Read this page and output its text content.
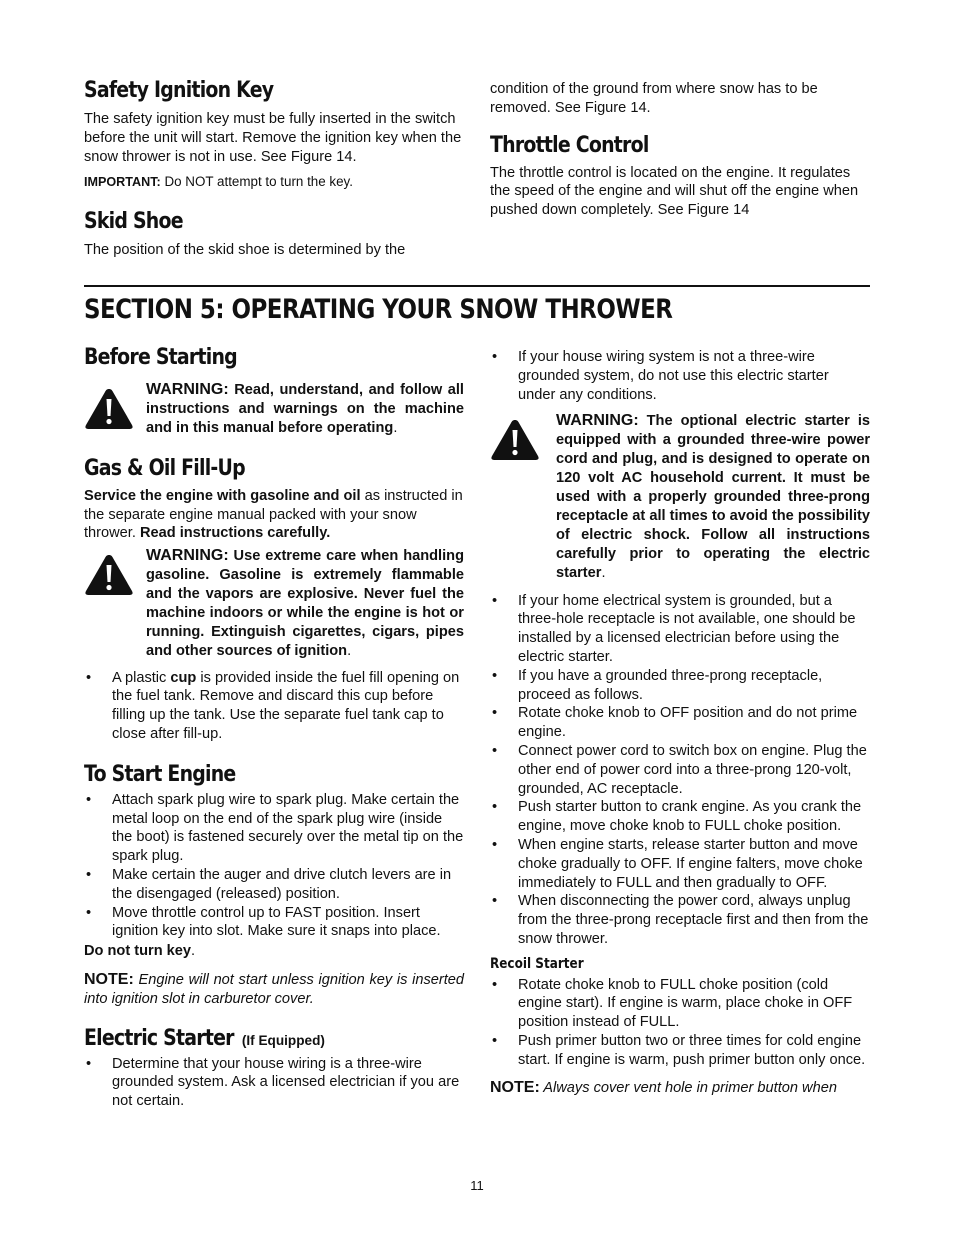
Safety Ignition Key

The safety ignition key must be fully inserted in the switch before the unit will start. Remove the ignition key when the snow thrower is not in use. See Figure 14.

IMPORTANT: Do NOT attempt to turn the key.

Skid Shoe

The position of the skid shoe is determined by the

condition of the ground from where snow has to be removed. See Figure 14.

Throttle Control

The throttle control is located on the engine. It regulates the speed of the engine and will shut off the engine when pushed down completely. See Figure 14

SECTION 5: OPERATING YOUR SNOW THROWER
Before Starting
WARNING: Read, understand, and follow all instructions and warnings on the machine and in this manual before operating.
Gas & Oil Fill-Up

Service the engine with gasoline and oil as instructed in the separate engine manual packed with your snow thrower. Read instructions carefully.

WARNING: Use extreme care when handling gasoline. Gasoline is extremely flammable and the vapors are explosive. Never fuel the machine indoors or while the engine is hot or running. Extinguish cigarettes, cigars, pipes and other sources of ignition.
• A plastic cup is provided inside the fuel fill opening on the fuel tank. Remove and discard this cup before filling up the tank. Use the separate fuel tank cap to close after fill-up.
To Start Engine
• Attach spark plug wire to spark plug. Make certain the metal loop on the end of the spark plug wire (inside the boot) is fastened securely over the metal tip on the spark plug.
• Make certain the auger and drive clutch levers are in the disengaged (released) position.
• Move throttle control up to FAST position. Insert ignition key into slot. Make sure it snaps into place.

Do not turn key.

NOTE: Engine will not start unless ignition key is inserted into ignition slot in carburetor cover.

Electric Starter (If Equipped)
• Determine that your house wiring is a three-wire grounded system. Ask a licensed electrician if you are not certain.
• If your house wiring system is not a three-wire grounded system, do not use this electric starter under any conditions.
WARNING: The optional electric starter is equipped with a grounded three-wire power cord and plug, and is designed to operate on 120 volt AC household current. It must be used with a properly grounded three-prong receptacle at all times to avoid the possibility of electric shock. Follow all instructions carefully prior to operating the electric starter.
• If your home electrical system is grounded, but a three-hole receptacle is not available, one should be installed by a licensed electrician before using the electric starter.
• If you have a grounded three-prong receptacle, proceed as follows.
• Rotate choke knob to OFF position and do not prime engine.
• Connect power cord to switch box on engine. Plug the other end of power cord into a three-prong 120-volt, grounded, AC receptacle.
• Push starter button to crank engine. As you crank the engine, move choke knob to FULL choke position.
• When engine starts, release starter button and move choke gradually to OFF. If engine falters, move choke immediately to FULL and then gradually to OFF.
• When disconnecting the power cord, always unplug from the three-prong receptacle first and then from the snow thrower.
Recoil Starter
• Rotate choke knob to FULL choke position (cold engine start). If engine is warm, place choke in OFF position instead of FULL.
• Push primer button two or three times for cold engine start. If engine is warm, push primer button only once.

NOTE: Always cover vent hole in primer button when

11
